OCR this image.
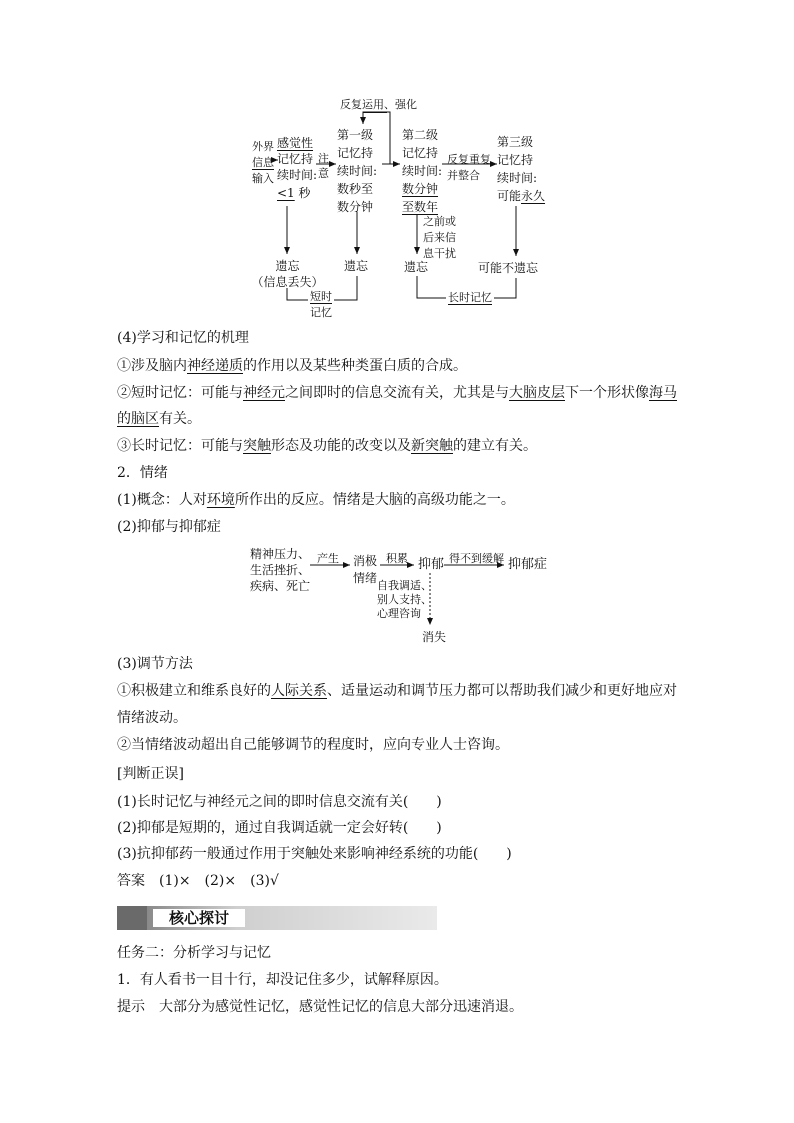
反复运用、强化
外界
信息
输入
感觉性
记忆持
续时间:
<1 秒
注
意
第一级
记忆持
续时间:
数秒至
数分钟
第二级
记忆持
续时间:
数分钟
至数年
反复重复
并整合
第三级
记忆持
续时间:
可能永久
之前或
后来信
息干扰
遗忘
（信息丢失）
遗忘	遗忘	可能不遗忘
短时
记忆
长时记忆
(4)学习和记忆的机理
①涉及脑内神经递质的作用以及某些种类蛋白质的合成。
②短时记忆：可能与神经元之间即时的信息交流有关，尤其是与大脑皮层下一个形状像海马
的脑区有关。
③长时记忆：可能与突触形态及功能的改变以及新突触的建立有关。
2．情绪
(1)概念：人对环境所作出的反应。情绪是大脑的高级功能之一。
(2)抑郁与抑郁症
精神压力、
生活挫折、
疾病、死亡
产生 消极
情绪
积累 抑郁 得不到缓解 抑郁症
自我调适、
别人支持、
心理咨询
消失
(3)调节方法
①积极建立和维系良好的人际关系、适量运动和调节压力都可以帮助我们减少和更好地应对
情绪波动。
②当情绪波动超出自己能够调节的程度时，应向专业人士咨询。
[判断正误]
(1)长时记忆与神经元之间的即时信息交流有关(　　)
(2)抑郁是短期的，通过自我调适就一定会好转(　　)
(3)抗抑郁药一般通过作用于突触处来影响神经系统的功能(　　)
答案　(1)×　(2)×　(3)√
核心探讨
任务二：分析学习与记忆
1．有人看书一目十行，却没记住多少，试解释原因。
提示　大部分为感觉性记忆，感觉性记忆的信息大部分迅速消退。
